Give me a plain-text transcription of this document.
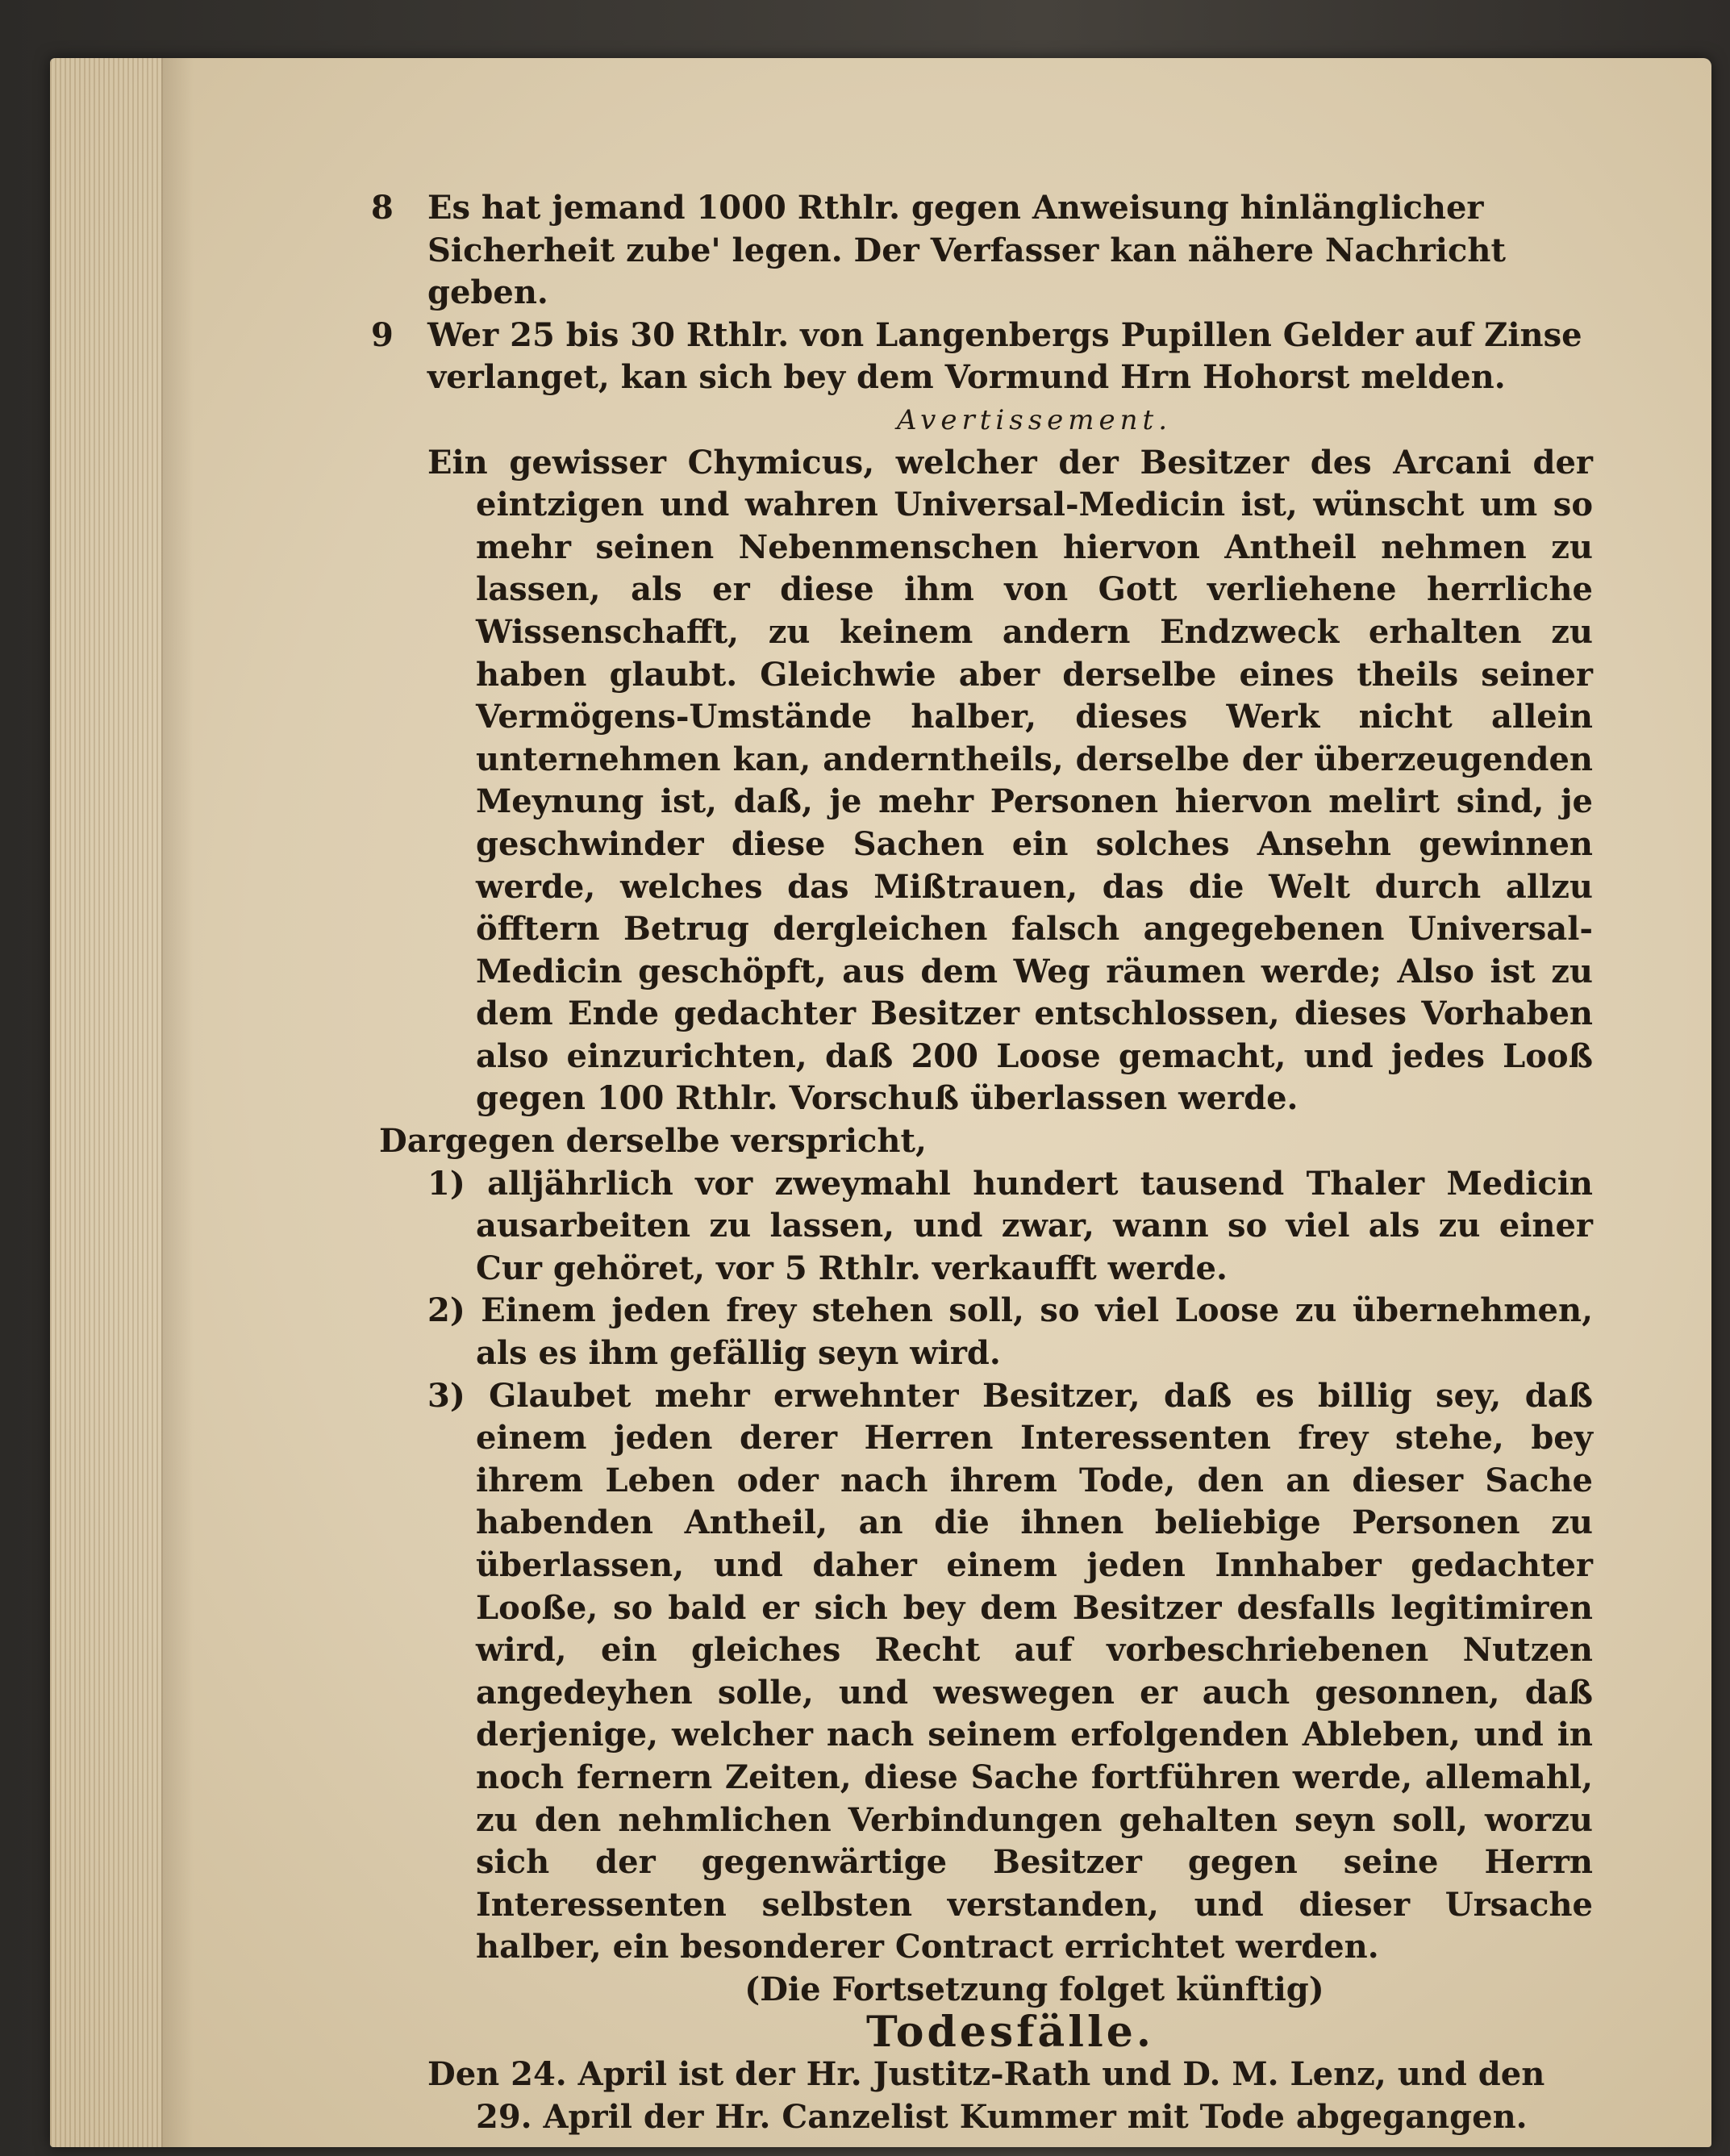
8 Es hat jemand 1000 Rthlr. gegen Anweisung hinlänglicher Sicherheit zube' legen. Der Verfasser kan nähere Nachricht geben.

9 Wer 25 bis 30 Rthlr. von Langenbergs Pupillen Gelder auf Zinse verlanget, kan sich bey dem Vormund Hrn Hohorst melden.

Avertissement.

Ein gewisser Chymicus, welcher der Besitzer des Arcani der eintzigen und wahren Universal-Medicin ist, wünscht um so mehr seinen Nebenmenschen hiervon Antheil nehmen zu lassen, als er diese ihm von Gott verliehene herrliche Wissenschafft, zu keinem andern Endzweck erhalten zu haben glaubt. Gleichwie aber derselbe eines theils seiner Vermögens-Umstände halber, dieses Werk nicht allein unternehmen kan, anderntheils, derselbe der überzeugenden Meynung ist, daß, je mehr Personen hiervon melirt sind, je geschwinder diese Sachen ein solches Ansehn gewinnen werde, welches das Mißtrauen, das die Welt durch allzu öfftern Betrug dergleichen falsch angegebenen Universal-Medicin geschöpft, aus dem Weg räumen werde; Also ist zu dem Ende gedachter Besitzer entschlossen, dieses Vorhaben also einzurichten, daß 200 Loose gemacht, und jedes Looß gegen 100 Rthlr. Vorschuß überlassen werde.

Dargegen derselbe verspricht,

1) alljährlich vor zweymahl hundert tausend Thaler Medicin ausarbeiten zu lassen, und zwar, wann so viel als zu einer Cur gehöret, vor 5 Rthlr. verkaufft werde.

2) Einem jeden frey stehen soll, so viel Loose zu übernehmen, als es ihm gefällig seyn wird.

3) Glaubet mehr erwehnter Besitzer, daß es billig sey, daß einem jeden derer Herren Interessenten frey stehe, bey ihrem Leben oder nach ihrem Tode, den an dieser Sache habenden Antheil, an die ihnen beliebige Personen zu überlassen, und daher einem jeden Innhaber gedachter Looße, so bald er sich bey dem Besitzer desfalls legitimiren wird, ein gleiches Recht auf vorbeschriebenen Nutzen angedeyhen solle, und weswegen er auch gesonnen, daß derjenige, welcher nach seinem erfolgenden Ableben, und in noch fernern Zeiten, diese Sache fortführen werde, allemahl, zu den nehmlichen Verbindungen gehalten seyn soll, worzu sich der gegenwärtige Besitzer gegen seine Herrn Interessenten selbsten verstanden, und dieser Ursache halber, ein besonderer Contract errichtet werden.

(Die Fortsetzung folget künftig)

Todesfälle.

Den 24. April ist der Hr. Justitz-Rath und D. M. Lenz, und den 29. April der Hr. Canzelist Kummer mit Tode abgegangen.
